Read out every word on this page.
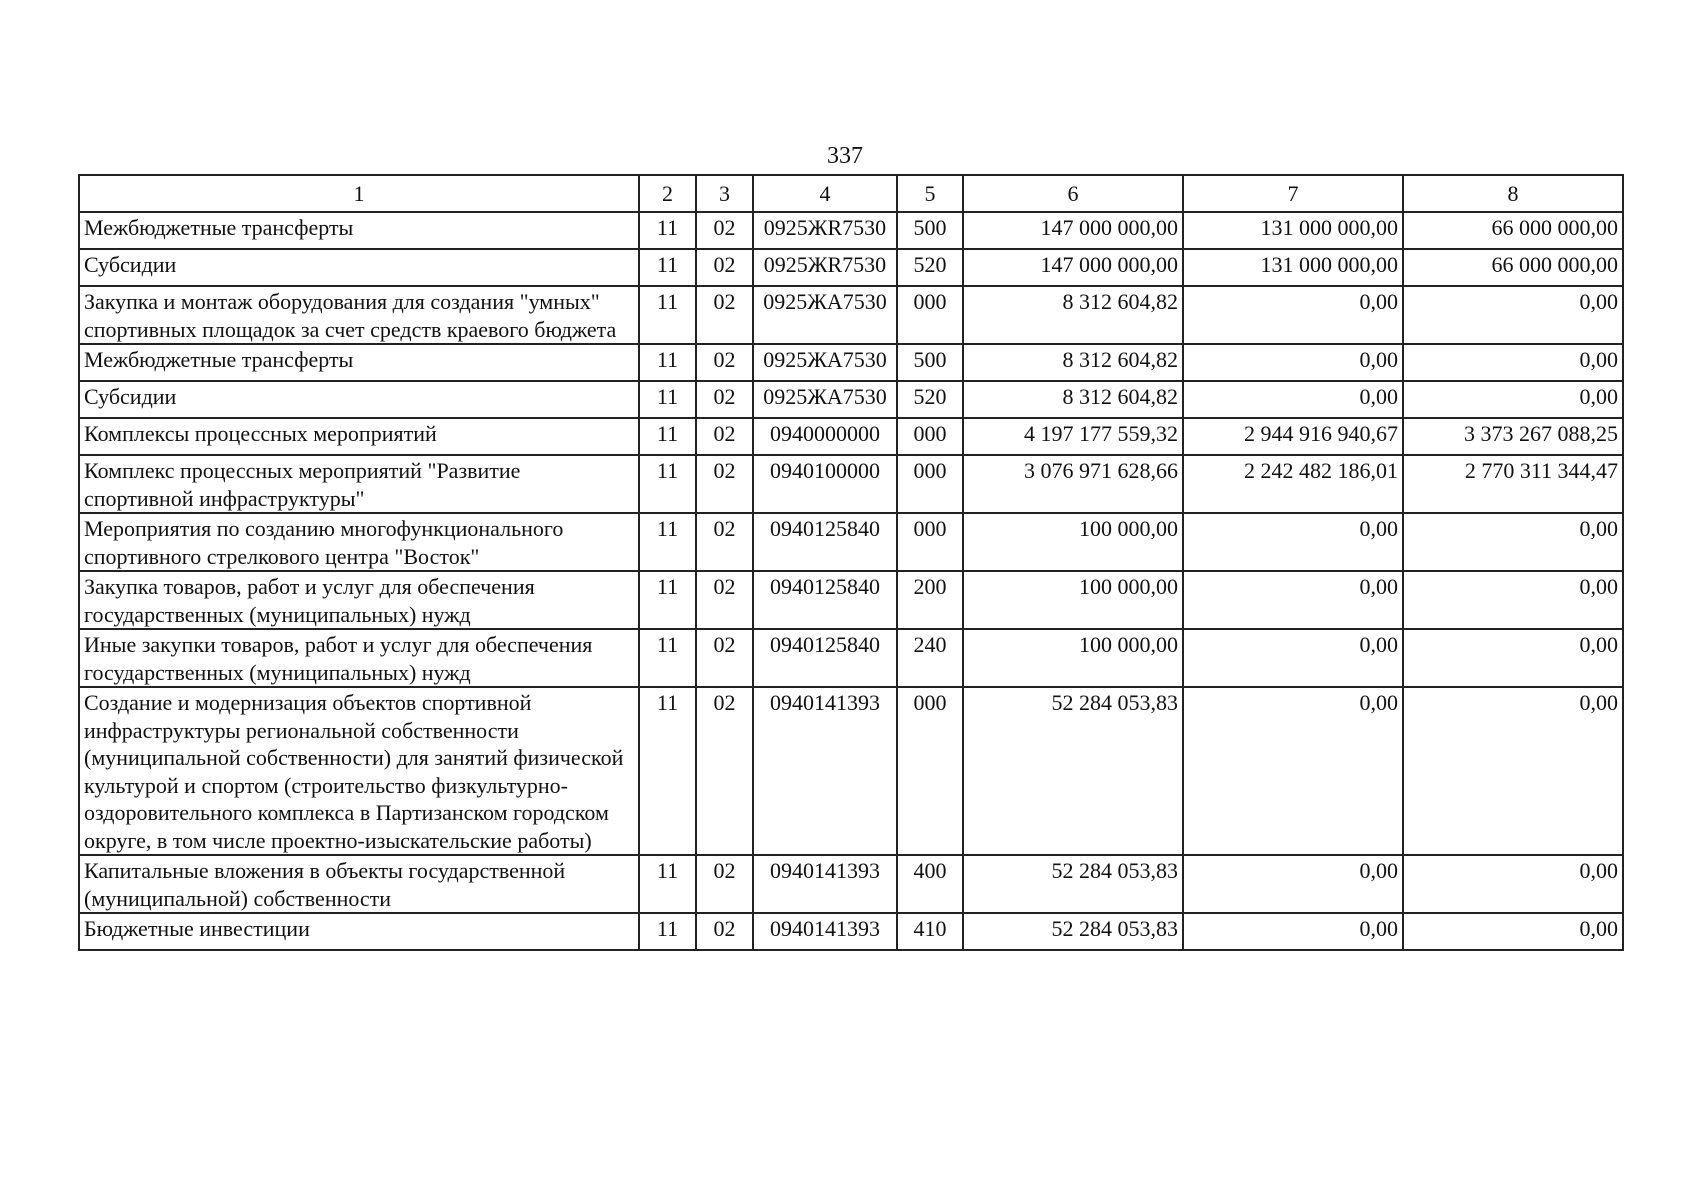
337
1	2	3	4	5	6	7	8
Межбюджетные трансферты	11	02	0925ЖR7530	500	147 000 000,00	131 000 000,00	66 000 000,00
Субсидии	11	02	0925ЖR7530	520	147 000 000,00	131 000 000,00	66 000 000,00
Закупка и монтаж оборудования для создания "умных" спортивных площадок за счет средств краевого бюджета	11	02	0925ЖА7530	000	8 312 604,82	0,00	0,00
Межбюджетные трансферты	11	02	0925ЖА7530	500	8 312 604,82	0,00	0,00
Субсидии	11	02	0925ЖА7530	520	8 312 604,82	0,00	0,00
Комплексы процессных мероприятий	11	02	0940000000	000	4 197 177 559,32	2 944 916 940,67	3 373 267 088,25
Комплекс процессных мероприятий "Развитие спортивной инфраструктуры"	11	02	0940100000	000	3 076 971 628,66	2 242 482 186,01	2 770 311 344,47
Мероприятия по созданию многофункционального спортивного стрелкового центра "Восток"	11	02	0940125840	000	100 000,00	0,00	0,00
Закупка товаров, работ и услуг для обеспечения государственных (муниципальных) нужд	11	02	0940125840	200	100 000,00	0,00	0,00
Иные закупки товаров, работ и услуг для обеспечения государственных (муниципальных) нужд	11	02	0940125840	240	100 000,00	0,00	0,00
Создание и модернизация объектов спортивной инфраструктуры региональной собственности (муниципальной собственности) для занятий физической культурой и спортом (строительство физкультурно-оздоровительного комплекса в Партизанском городском округе, в том числе проектно-изыскательские работы)	11	02	0940141393	000	52 284 053,83	0,00	0,00
Капитальные вложения в объекты государственной (муниципальной) собственности	11	02	0940141393	400	52 284 053,83	0,00	0,00
Бюджетные инвестиции	11	02	0940141393	410	52 284 053,83	0,00	0,00
